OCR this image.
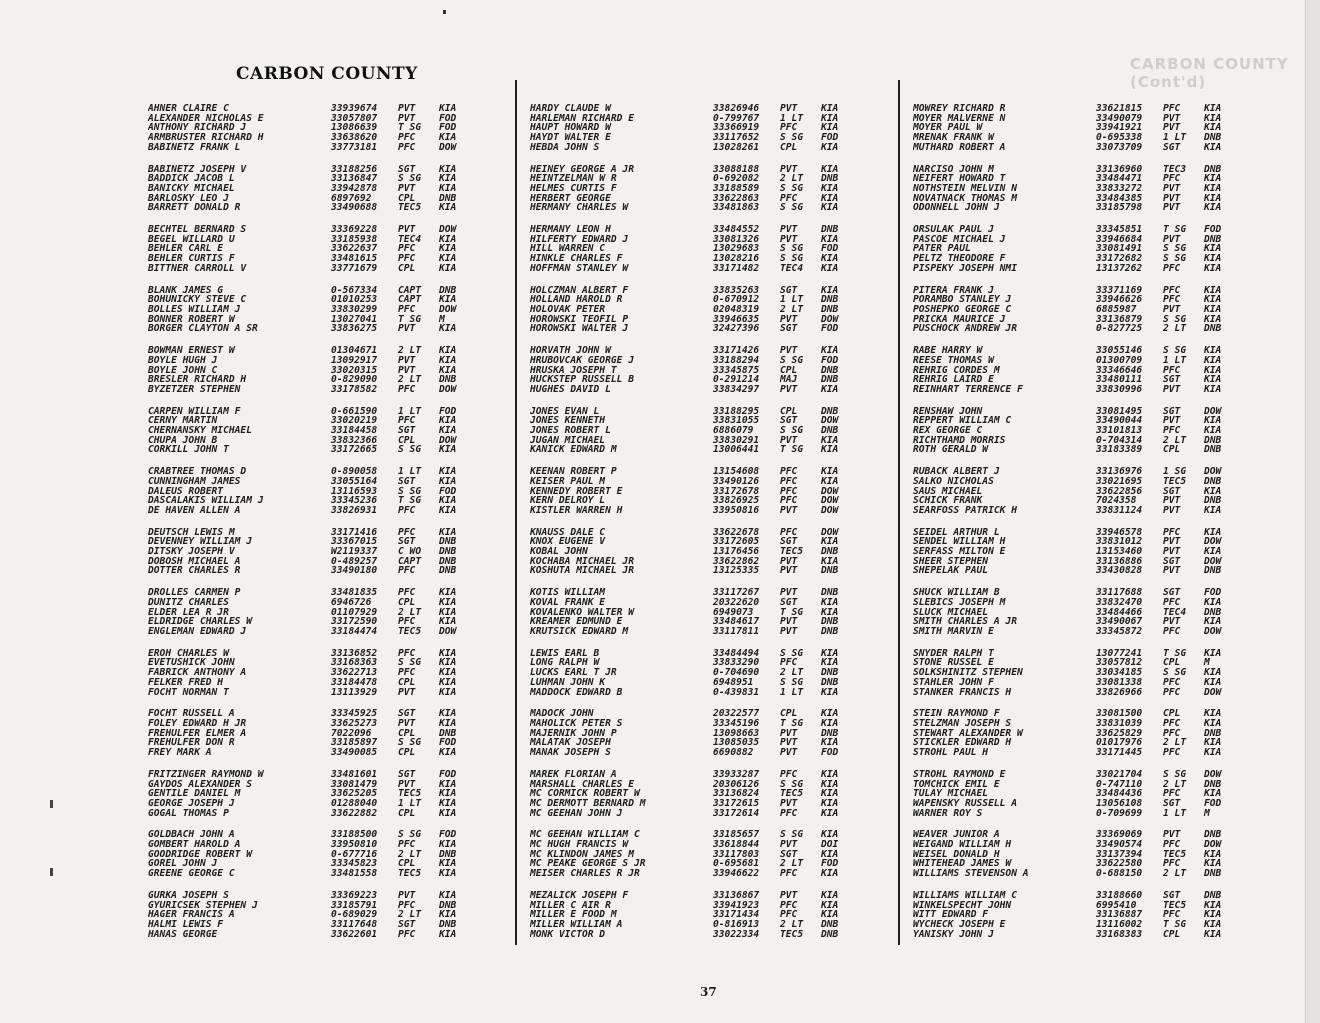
CARBON COUNTY (Cont'd)
CARBON COUNTY
AHNER CLAIRE C	33939674	PVT	KIA
ALEXANDER NICHOLAS E	33057807	PVT	FOD
ANTHONY RICHARD J	13086639	T SG	FOD
ARMBRUSTER RICHARD H	33638620	PFC	KIA
BABINETZ FRANK L	33773181	PFC	DOW
BABINETZ JOSEPH V	33188256	SGT	KIA
BADDICK JACOB L	33136847	S SG	KIA
BANICKY MICHAEL	33942878	PVT	KIA
BARLOSKY LEO J	6897692	CPL	DNB
BARRETT DONALD R	33490688	TEC5	KIA
BECHTEL BERNARD S	33369228	PVT	DOW
BEGEL WILLARD U	33185938	TEC4	KIA
BEHLER CARL E	33622637	PFC	KIA
BEHLER CURTIS F	33481615	PFC	KIA
BITTNER CARROLL V	33771679	CPL	KIA
BLANK JAMES G	0-567334	CAPT	DNB
BOHUNICKY STEVE C	01010253	CAPT	KIA
BOLLES WILLIAM J	33830299	PFC	DOW
BONNER ROBERT W	13027041	T SG	M
BORGER CLAYTON A SR	33836275	PVT	KIA
BOWMAN ERNEST W	01304671	2 LT	KIA
BOYLE HUGH J	13092917	PVT	KIA
BOYLE JOHN C	33020315	PVT	KIA
BRESLER RICHARD H	0-829090	2 LT	DNB
BYZETZER STEPHEN	33178582	PFC	DOW
CARPEN WILLIAM F	0-661590	1 LT	FOD
CERNY MARTIN	33020219	PFC	KIA
CHERNANSKY MICHAEL	33184458	SGT	KIA
CHUPA JOHN B	33832366	CPL	DOW
CORKILL JOHN T	33172665	S SG	KIA
CRABTREE THOMAS D	0-890058	1 LT	KIA
CUNNINGHAM JAMES	33055164	SGT	KIA
DALEUS ROBERT	13116593	S SG	FOD
DASCALAKIS WILLIAM J	33345236	T SG	KIA
DE HAVEN ALLEN A	33826931	PFC	KIA
DEUTSCH LEWIS M	33171416	PFC	KIA
DEVENNEY WILLIAM J	33367015	SGT	DNB
DITSKY JOSEPH V	W2119337	C WO	DNB
DOBOSH MICHAEL A	0-489257	CAPT	DNB
DOTTER CHARLES R	33490180	PFC	DNB
DROLLES CARMEN P	33481835	PFC	KIA
DUNITZ CHARLES	6946726	CPL	KIA
ELDER LEA R JR	01107929	2 LT	KIA
ELDRIDGE CHARLES W	33172590	PFC	KIA
ENGLEMAN EDWARD J	33184474	TEC5	DOW
EROH CHARLES W	33136852	PFC	KIA
EVETUSHICK JOHN	33168363	S SG	KIA
FABRICK ANTHONY A	33622713	PFC	KIA
FELKER FRED H	33184478	CPL	KIA
FOCHT NORMAN T	13113929	PVT	KIA
FOCHT RUSSELL A	33345925	SGT	KIA
FOLEY EDWARD H JR	33625273	PVT	KIA
FREHULFER ELMER A	7022096	CPL	DNB
FREHULFER DON R	33185897	S SG	FOD
FREY MARK A	33490085	CPL	KIA
FRITZINGER RAYMOND W	33481601	SGT	FOD
GAYDOS ALEXANDER S	33081479	PVT	KIA
GENTILE DANIEL M	33625205	TEC5	KIA
GEORGE JOSEPH J	01288040	1 LT	KIA
GOGAL THOMAS P	33622882	CPL	KIA
GOLDBACH JOHN A	33188500	S SG	FOD
GOMBERT HAROLD A	33950810	PFC	KIA
GOODRIDGE ROBERT W	0-677716	2 LT	DNB
GOREL JOHN J	33345823	CPL	KIA
GREENE GEORGE C	33481558	TEC5	KIA
GURKA JOSEPH S	33369223	PVT	KIA
GYURICSEK STEPHEN J	33185791	PFC	DNB
HAGER FRANCIS A	0-689029	2 LT	KIA
HALMI LEWIS F	33117648	SGT	DNB
HANAS GEORGE	33622601	PFC	KIA
HARDY CLAUDE W	33826946	PVT	KIA
HARLEMAN RICHARD E	0-799767	1 LT	KIA
HAUPT HOWARD W	33366919	PFC	KIA
HAYDT WALTER E	33117652	S SG	FOD
HEBDA JOHN S	13028261	CPL	KIA
HEINEY GEORGE A JR	33088188	PVT	KIA
HEINTZELMAN W R	0-692082	2 LT	DNB
HELMES CURTIS F	33188589	S SG	KIA
HERBERT GEORGE	33622863	PFC	KIA
HERMANY CHARLES W	33481863	S SG	KIA
HERMANY LEON H	33484552	PVT	DNB
HILFERTY EDWARD J	33081326	PVT	KIA
HILL WARREN C	13029683	S SG	FOD
HINKLE CHARLES F	13028216	S SG	KIA
HOFFMAN STANLEY W	33171482	TEC4	KIA
HOLCZMAN ALBERT F	33835263	SGT	KIA
HOLLAND HAROLD R	0-670912	1 LT	DNB
HOLOVAK PETER	02048319	2 LT	DNB
HOROWSKI TEOFIL P	33946635	PVT	DOW
HOROWSKI WALTER J	32427396	SGT	FOD
HORVATH JOHN W	33171426	PVT	KIA
HRUBOVCAK GEORGE J	33188294	S SG	FOD
HRUSKA JOSEPH T	33345875	CPL	DNB
HUCKSTEP RUSSELL B	0-291214	MAJ	DNB
HUGHES DAVID L	33834297	PVT	KIA
JONES EVAN L	33188295	CPL	DNB
JONES KENNETH	33831055	SGT	DOW
JONES ROBERT L	6886079	S SG	DNB
JUGAN MICHAEL	33830291	PVT	KIA
KANICK EDWARD M	13006441	T SG	KIA
KEENAN ROBERT P	13154608	PFC	KIA
KEISER PAUL M	33490126	PFC	KIA
KENNEDY ROBERT E	33172678	PFC	DOW
KERN DELROY L	33826925	PFC	DOW
KISTLER WARREN H	33950816	PVT	DOW
KNAUSS DALE C	33622678	PFC	DOW
KNOX EUGENE V	33172605	SGT	KIA
KOBAL JOHN	13176456	TEC5	DNB
KOCHABA MICHAEL JR	33622862	PVT	KIA
KOSHUTA MICHAEL JR	13125335	PVT	DNB
KOTIS WILLIAM	33117267	PVT	DNB
KOVAL FRANK E	20322620	SGT	KIA
KOVALENKO WALTER W	6949073	T SG	KIA
KREAMER EDMUND E	33484617	PVT	DNB
KRUTSICK EDWARD M	33117811	PVT	DNB
LEWIS EARL B	33484494	S SG	KIA
LONG RALPH W	33833290	PFC	KIA
LUCKS EARL T JR	0-704690	2 LT	DNB
LUHMAN JOHN K	6948951	S SG	DNB
MADDOCK EDWARD B	0-439831	1 LT	KIA
MADOCK JOHN	20322577	CPL	KIA
MAHOLICK PETER S	33345196	T SG	KIA
MAJERNIK JOHN P	13098663	PVT	DNB
MALATAK JOSEPH	13085035	PVT	KIA
MANAK JOSEPH S	6690882	PVT	FOD
MAREK FLORIAN A	33933287	PFC	KIA
MARSHALL CHARLES E	20306126	S SG	KIA
MC CORMICK ROBERT W	33136824	TEC5	KIA
MC DERMOTT BERNARD M	33172615	PVT	KIA
MC GEEHAN JOHN J	33172614	PFC	KIA
MC GEEHAN WILLIAM C	33185657	S SG	KIA
MC HUGH FRANCIS W	33618844	PVT	DOI
MC KLINDON JAMES M	33117803	SGT	KIA
MC PEAKE GEORGE S JR	0-695681	2 LT	FOD
MEISER CHARLES R JR	33946622	PFC	KIA
MEZALICK JOSEPH F	33136867	PVT	KIA
MILLER C AIR R	33941923	PFC	KIA
MILLER E FOOD M	33171434	PFC	KIA
MILLER WILLIAM A	0-816913	2 LT	DNB
MONK VICTOR D	33022334	TEC5	DNB
MOWREY RICHARD R	33621815	PFC	KIA
MOYER MALVERNE N	33490079	PVT	KIA
MOYER PAUL W	33941921	PVT	KIA
MRENAK FRANK W	0-695338	1 LT	DNB
MUTHARD ROBERT A	33073709	SGT	KIA
NARCISO JOHN M	33136960	TEC3	DNB
NEIFERT HOWARD T	33484471	PFC	KIA
NOTHSTEIN MELVIN N	33833272	PVT	KIA
NOVATNACK THOMAS M	33484385	PVT	KIA
ODONNELL JOHN J	33185798	PVT	KIA
ORSULAK PAUL J	33345851	T SG	FOD
PASCOE MICHAEL J	33946684	PVT	DNB
PATER PAUL	33081491	S SG	KIA
PELTZ THEODORE F	33172682	S SG	KIA
PISPEKY JOSEPH NMI	13137262	PFC	KIA
PITERA FRANK J	33371169	PFC	KIA
PORAMBO STANLEY J	33946626	PFC	KIA
POSHEPKO GEORGE C	6885987	PVT	KIA
PRICKA MAURICE J	33136879	S SG	KIA
PUSCHOCK ANDREW JR	0-827725	2 LT	DNB
RABE HARRY W	33055146	S SG	KIA
REESE THOMAS W	01300709	1 LT	KIA
REHRIG CORDES M	33346646	PFC	KIA
REHRIG LAIRD E	33480111	SGT	KIA
REINHART TERRENCE F	33830996	PVT	KIA
RENSHAW JOHN	33081495	SGT	DOW
REPPERT WILLIAM C	33490044	PVT	KIA
REX GEORGE C	33101813	PFC	KIA
RICHTHAMD MORRIS	0-704314	2 LT	DNB
ROTH GERALD W	33183389	CPL	DNB
RUBACK ALBERT J	33136976	1 SG	DOW
SALKO NICHOLAS	33021695	TEC5	DNB
SAUS MICHAEL	33622856	SGT	KIA
SCHICK FRANK	7024358	PVT	DNB
SEARFOSS PATRICK H	33831124	PVT	KIA
SEIDEL ARTHUR L	33946578	PFC	KIA
SENDEL WILLIAM H	33831012	PVT	DOW
SERFASS MILTON E	13153460	PVT	KIA
SHEER STEPHEN	33136886	SGT	DOW
SHEPELAK PAUL	33430828	PVT	DNB
SHUCK WILLIAM B	33117688	SGT	FOD
SLEBICS JOSEPH M	33832470	PFC	KIA
SLUCK MICHAEL	33484466	TEC4	DNB
SMITH CHARLES A JR	33490067	PVT	KIA
SMITH MARVIN E	33345872	PFC	DOW
SNYDER RALPH T	13077241	T SG	KIA
STONE RUSSEL E	33057812	CPL	M
SOLKSHINITZ STEPHEN	33034185	S SG	KIA
STAHLER JOHN F	33081338	PFC	KIA
STANKER FRANCIS H	33826966	PFC	DOW
STEIN RAYMOND F	33081500	CPL	KIA
STELZMAN JOSEPH S	33831039	PFC	KIA
STEWART ALEXANDER W	33625829	PFC	DNB
STICKLER EDWARD H	01017976	2 LT	KIA
STROHL PAUL H	33171445	PFC	KIA
STROHL RAYMOND E	33021704	S SG	DOW
TOMCHICK EMIL E	0-747110	2 LT	DNB
TULAY MICHAEL	33484436	PFC	KIA
WAPENSKY RUSSELL A	13056108	SGT	FOD
WARNER ROY S	0-709699	1 LT	M
WEAVER JUNIOR A	33369069	PVT	DNB
WEIGAND WILLIAM H	33490574	PFC	DOW
WEISEL DONALD H	33137394	TEC5	KIA
WHITEHEAD JAMES W	33622580	PFC	KIA
WILLIAMS STEVENSON A	0-688150	2 LT	DNB
WILLIAMS WILLIAM C	33188660	SGT	DNB
WINKELSPECHT JOHN	6995410	TEC5	KIA
WITT EDWARD F	33136887	PFC	KIA
WYCHECK JOSEPH E	13116002	T SG	KIA
YANISKY JOHN J	33168383	CPL	KIA
37
